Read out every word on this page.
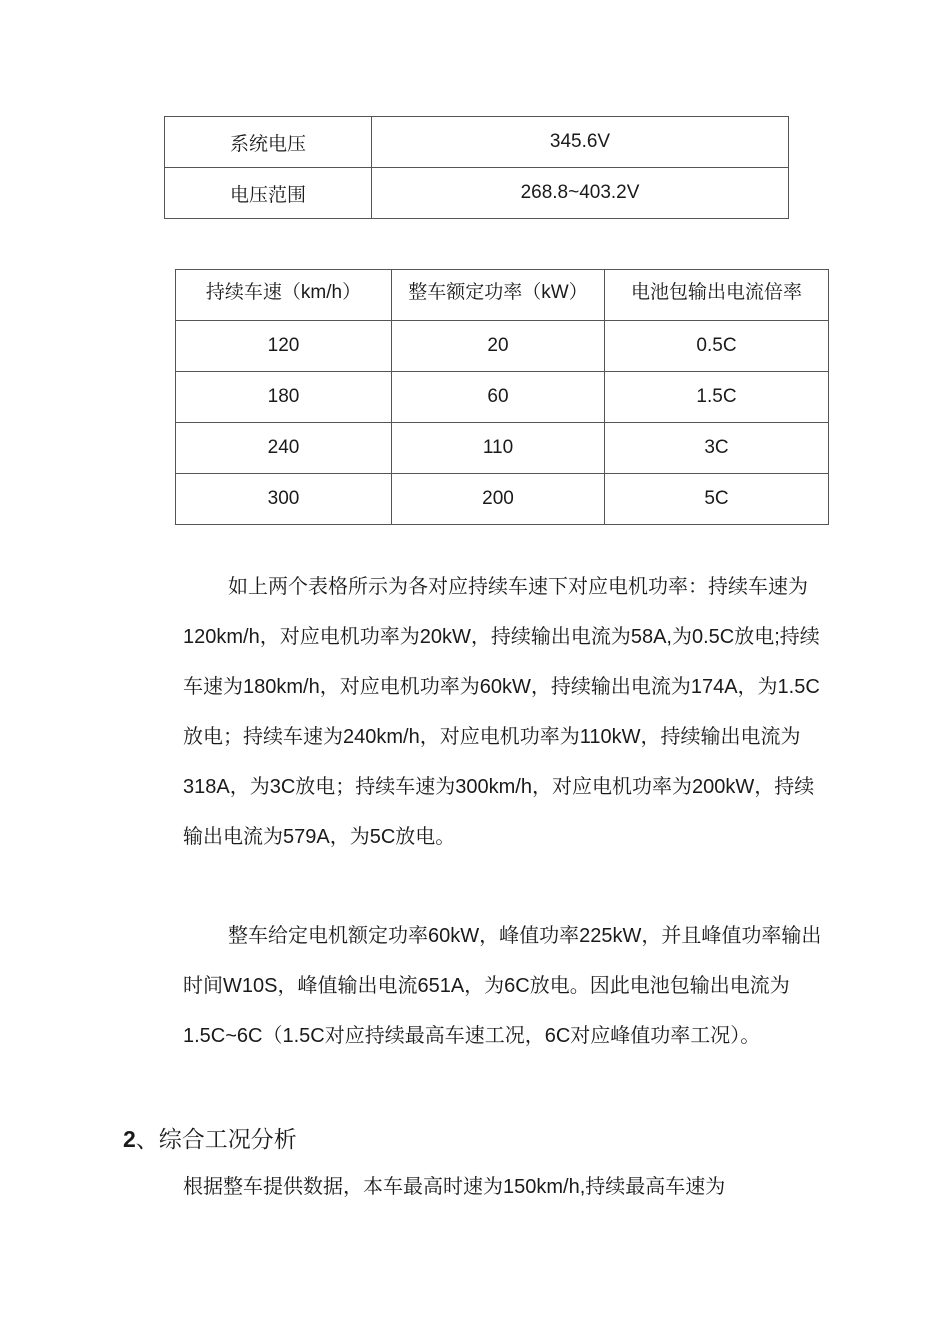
系统电压	345.6V
电压范围	268.8~403.2V
持续车速（km/h）	整车额定功率（kW）	电池包输出电流倍率

120	20	0.5C
180	60	1.5C
240	110	3C
300	200	5C

如上两个表格所示为各对应持续车速下对应电机功率：持续车速为120km/h，对应电机功率为20kW，持续输出电流为58A,为0.5C放电;持续车速为180km/h，对应电机功率为60kW，持续输出电流为174A，为1.5C放电；持续车速为240km/h，对应电机功率为110kW，持续输出电流为318A，为3C放电；持续车速为300km/h，对应电机功率为200kW，持续输出电流为579A，为5C放电。

整车给定电机额定功率60kW，峰值功率225kW，并且峰值功率输出时间W10S，峰值输出电流651A，为6C放电。因此电池包输出电流为1.5C~6C（1.5C对应持续最高车速工况，6C对应峰值功率工况）。

2、综合工况分析

根据整车提供数据，本车最高时速为150km/h,持续最高车速为
